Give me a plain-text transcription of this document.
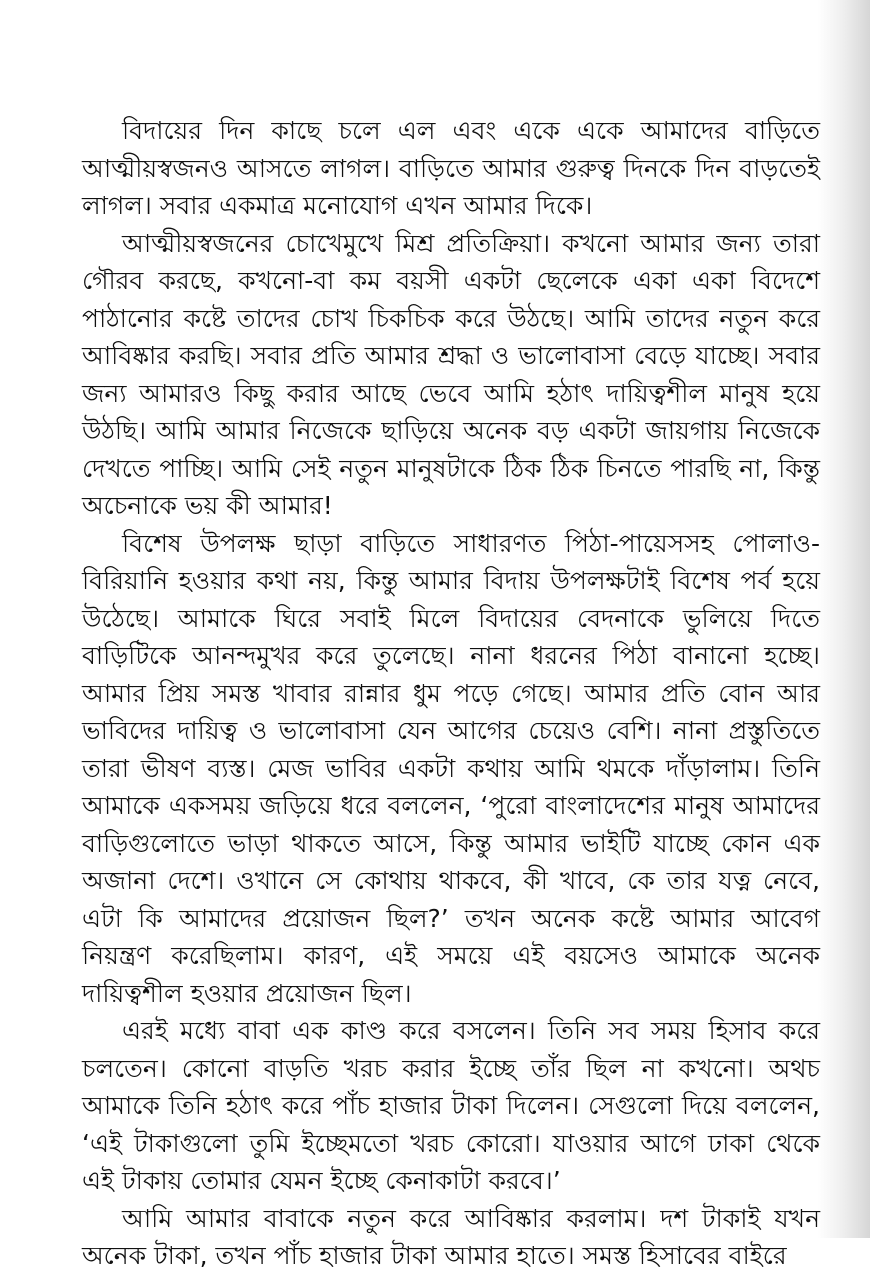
বিদায়ের দিন কাছে চলে এল এবং একে একে আমাদের বাড়িতে আত্মীয়স্বজনও আসতে লাগল। বাড়িতে আমার গুরুত্ব দিনকে দিন বাড়তেই লাগল। সবার একমাত্র মনোযোগ এখন আমার দিকে।

আত্মীয়স্বজনের চোখেমুখে মিশ্র প্রতিক্রিয়া। কখনো আমার জন্য তারা গৌরব করছে, কখনো-বা কম বয়সী একটা ছেলেকে একা একা বিদেশে পাঠানোর কষ্টে তাদের চোখ চিকচিক করে উঠছে। আমি তাদের নতুন করে আবিষ্কার করছি। সবার প্রতি আমার শ্রদ্ধা ও ভালোবাসা বেড়ে যাচ্ছে। সবার জন্য আমারও কিছু করার আছে ভেবে আমি হঠাৎ দায়িত্বশীল মানুষ হয়ে উঠছি। আমি আমার নিজেকে ছাড়িয়ে অনেক বড় একটা জায়গায় নিজেকে দেখতে পাচ্ছি। আমি সেই নতুন মানুষটাকে ঠিক ঠিক চিনতে পারছি না, কিন্তু অচেনাকে ভয় কী আমার!

বিশেষ উপলক্ষ ছাড়া বাড়িতে সাধারণত পিঠা-পায়েসসহ পোলাও-বিরিয়ানি হওয়ার কথা নয়, কিন্তু আমার বিদায় উপলক্ষটাই বিশেষ পর্ব হয়ে উঠেছে। আমাকে ঘিরে সবাই মিলে বিদায়ের বেদনাকে ভুলিয়ে দিতে বাড়িটিকে আনন্দমুখর করে তুলেছে। নানা ধরনের পিঠা বানানো হচ্ছে। আমার প্রিয় সমস্ত খাবার রান্নার ধুম পড়ে গেছে। আমার প্রতি বোন আর ভাবিদের দায়িত্ব ও ভালোবাসা যেন আগের চেয়েও বেশি। নানা প্রস্তুতিতে তারা ভীষণ ব্যস্ত। মেজ ভাবির একটা কথায় আমি থমকে দাঁড়ালাম। তিনি আমাকে একসময় জড়িয়ে ধরে বললেন, ‘পুরো বাংলাদেশের মানুষ আমাদের বাড়িগুলোতে ভাড়া থাকতে আসে, কিন্তু আমার ভাইটি যাচ্ছে কোন এক অজানা দেশে। ওখানে সে কোথায় থাকবে, কী খাবে, কে তার যত্ন নেবে, এটা কি আমাদের প্রয়োজন ছিল?’ তখন অনেক কষ্টে আমার আবেগ নিয়ন্ত্রণ করেছিলাম। কারণ, এই সময়ে এই বয়সেও আমাকে অনেক দায়িত্বশীল হওয়ার প্রয়োজন ছিল।

এরই মধ্যে বাবা এক কাণ্ড করে বসলেন। তিনি সব সময় হিসাব করে চলতেন। কোনো বাড়তি খরচ করার ইচ্ছে তাঁর ছিল না কখনো। অথচ আমাকে তিনি হঠাৎ করে পাঁচ হাজার টাকা দিলেন। সেগুলো দিয়ে বললেন, ‘এই টাকাগুলো তুমি ইচ্ছেমতো খরচ কোরো। যাওয়ার আগে ঢাকা থেকে এই টাকায় তোমার যেমন ইচ্ছে কেনাকাটা করবে।’

আমি আমার বাবাকে নতুন করে আবিষ্কার করলাম। দশ টাকাই যখন অনেক টাকা, তখন পাঁচ হাজার টাকা আমার হাতে। সমস্ত হিসাবের বাইরে
